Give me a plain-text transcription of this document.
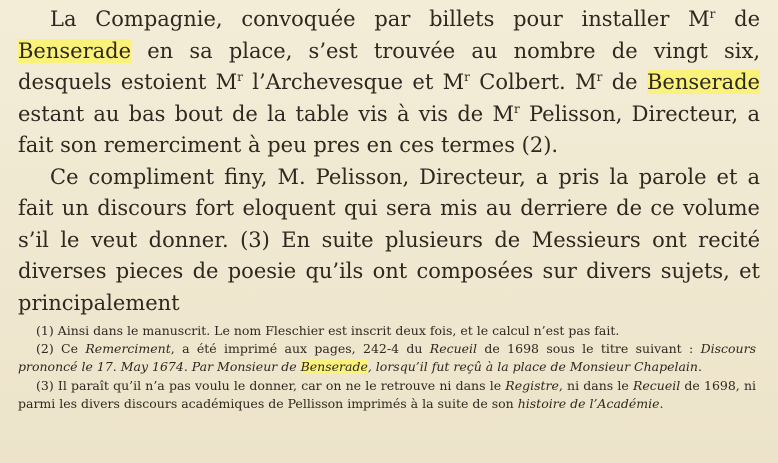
La Compagnie, convoquée par billets pour installer $M^r$ de Benserade en sa place, s’est trouvée au nombre de vingt six, desquels estoient $M^r$ l’Archevesque et $M^r$ Colbert. $M^r$ de Benserade estant au bas bout de la table vis à vis de $M^r$ Pelisson, Directeur, a fait son remerciment à peu pres en ces termes (2).

Ce compliment finy, M. Pelisson, Directeur, a pris la parole et a fait un discours fort eloquent qui sera mis au derriere de ce volume s’il le veut donner. (3) En suite plusieurs de Messieurs ont recité diverses pieces de poesie qu’ils ont composées sur divers sujets, et principalement

(1) Ainsi dans le manuscrit. Le nom Fleschier est inscrit deux fois, et le calcul n’est pas fait.

(2) Ce Remerciment, a été imprimé aux pages, 242-4 du Recueil de 1698 sous le titre suivant : Discours prononcé le 17. May 1674. Par Monsieur de Benserade, lorsqu’il fut reçû à la place de Monsieur Chapelain.

(3) Il paraît qu’il n’a pas voulu le donner, car on ne le retrouve ni dans le Registre, ni dans le Recueil de 1698, ni parmi les divers discours académiques de Pellisson imprimés à la suite de son histoire de l’Académie.
